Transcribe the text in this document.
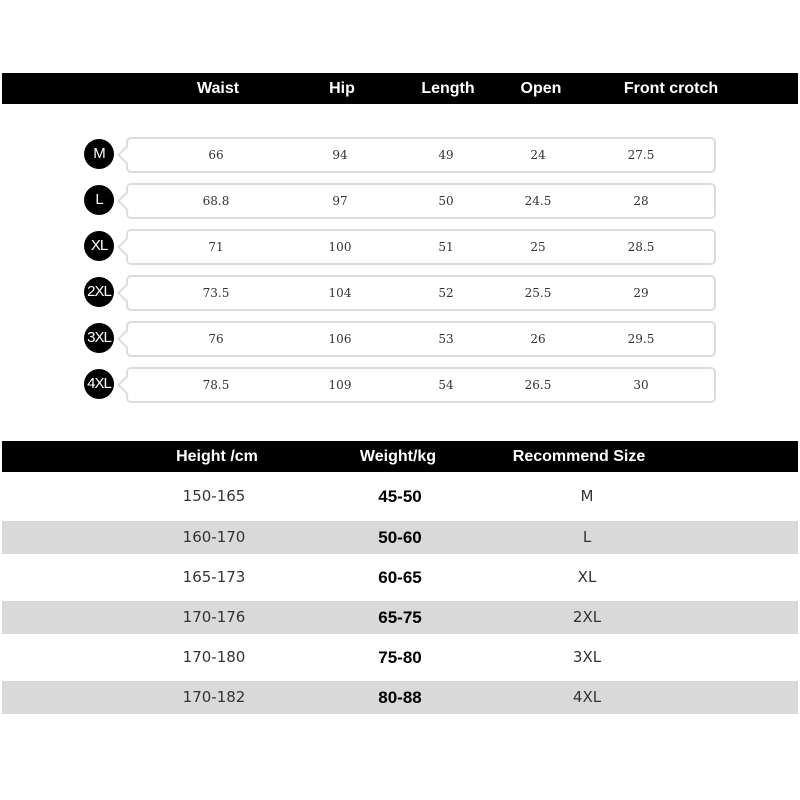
Waist	Hip	Length	Open	Front crotch
M	66	94	49	24	27.5
L	68.8	97	50	24.5	28
XL	71	100	51	25	28.5
2XL	73.5	104	52	25.5	29
3XL	76	106	53	26	29.5
4XL	78.5	109	54	26.5	30
Height /cm	Weight/kg	Recommend Size
150-165	45-50	M
160-170	50-60	L
165-173	60-65	XL
170-176	65-75	2XL
170-180	75-80	3XL
170-182	80-88	4XL
